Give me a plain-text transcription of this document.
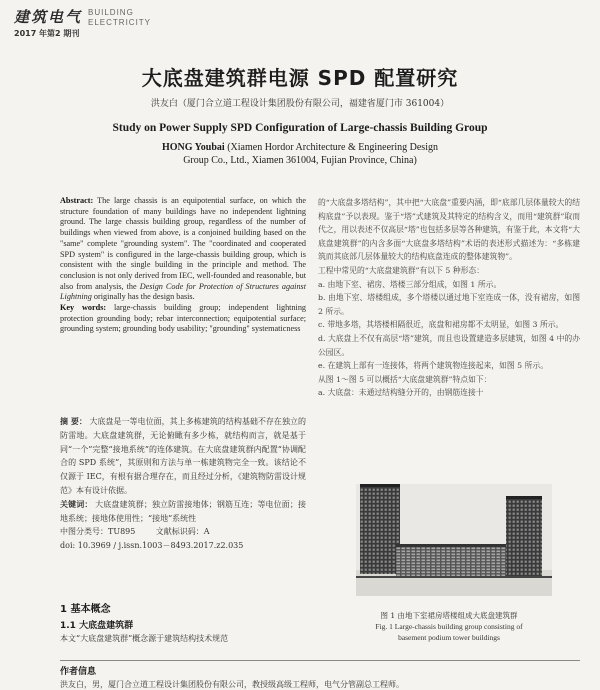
建筑电气 BUILDING
ELECTRICITY
2017 年第2 期刊
大底盘建筑群电源 SPD 配置研究
洪友白（厦门合立道工程设计集团股份有限公司，福建省厦门市 361004）
Study on Power Supply SPD Configuration of Large-chassis Building Group
HONG Youbai (Xiamen Hordor Architecture & Engineering Design
Group Co., Ltd., Xiamen 361004, Fujian Province, China)
Abstract: The large chassis is an equipotential surface, on which the structure foundation of many buildings have no independent lightning ground. The large chassis building group, regardless of the number of buildings when viewed from above, is a conjoined building based on the "same" complete "grounding system". The "coordinated and cooperated SPD system" is configured in the large-chassis building group, which is consistent with the single building in the principle and method. The conclusion is not only derived from IEC, well-founded and reasonable, but also from analysis, the Design Code for Protection of Structures against Lightning originally has the design basis.
Key words: large-chassis building group; independent lightning protection grounding body; rebar interconnection; equipotential surface; grounding system; grounding body usability; "grounding" systematicness
摘 要： 大底盘是一等电位面，其上多栋建筑的结构基础不存在独立的防雷地。大底盘建筑群，无论俯瞰有多少栋，就结构而言，就是基于同“一个”完整“接地系统”的连体建筑。在大底盘建筑群内配置“协调配合的 SPD 系统”，其原则和方法与单一栋建筑物完全一致。该结论不仅源于 IEC，有根有据合理存在，而且经过分析，《建筑物防雷设计规范》本有设计依据。
关键词： 大底盘建筑群；独立防雷接地体；钢筋互连；等电位面；接地系统；接地体使用性；“接地”系统性
中图分类号：TU895	文献标识码：A
doi: 10.3969 / j.issn.1003－8493.2017.z2.035

的“大底盘多塔结构”，其中把“大底盘”重要内涵，即“底部几层体量较大的结构底盘”予以表现。鉴于“塔”式建筑及其特定的结构含义，而用“建筑群”取而代之，用以表述不仅高层“塔”也包括多层等各种建筑，有鉴于此，本文将“大底盘建筑群”的内含多面“大底盘多塔结构”术语的表述形式描述为：“多栋建筑而其底部几层体量较大的结构底盘连成的整体建筑物”。

工程中常见的“大底盘建筑群”有以下 5 种形态：

a. 由地下室、裙房、塔楼三部分组成，如图 1 所示。

b. 由地下室、塔楼组成，多个塔楼以通过地下室连成一体，没有裙房，如图 2 所示。

c. 带地多塔，其塔楼相隔很近，底盘和裙房都不太明显，如图 3 所示。

d. 大底盘上不仅有高层“塔”建筑，而且也设置建造多层建筑，如图 4 中的办公园区。

e. 在建筑上部有一连接体，将两个建筑物连接起来，如图 5 所示。

从图 1～图 5 可以概括“大底盘建筑群”特点如下：

a. 大底盘：未通过结构缝分开的，由钢筋连接十

图 1 由地下室裙房塔楼组成大底盘建筑群
Fig. 1 Large-chassis building group consisting of
basement podium tower buildings
1 基本概念
1.1 大底盘建筑群
本文“大底盘建筑群”概念源于建筑结构技术规范
作者信息
洪友白，男，厦门合立道工程设计集团股份有限公司，教授级高级工程师，电气分管副总工程师。
